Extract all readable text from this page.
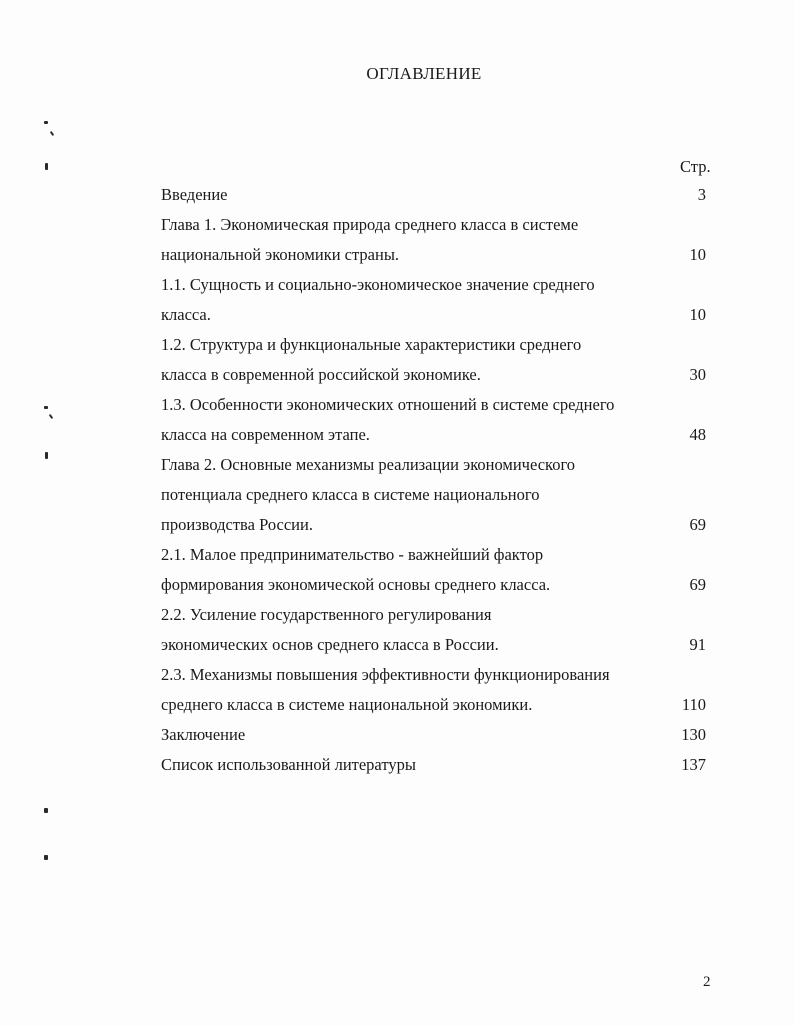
ОГЛАВЛЕНИЕ
Стр.
Введение	3
Глава 1. Экономическая природа среднего класса в системе
национальной экономики страны.	10
1.1. Сущность и социально-экономическое значение среднего
класса.	10
1.2. Структура и функциональные характеристики среднего
класса в современной российской экономике.	30
1.3. Особенности экономических отношений в системе среднего
класса на современном этапе.	48
Глава 2. Основные механизмы реализации экономического
потенциала среднего класса в системе национального
производства России.	69
2.1. Малое предпринимательство - важнейший фактор
формирования экономической основы среднего класса.	69
2.2. Усиление государственного регулирования
экономических основ среднего класса в России.	91
2.3. Механизмы повышения эффективности функционирования
среднего класса в системе национальной экономики.	110
Заключение	130
Список использованной литературы	137
2
